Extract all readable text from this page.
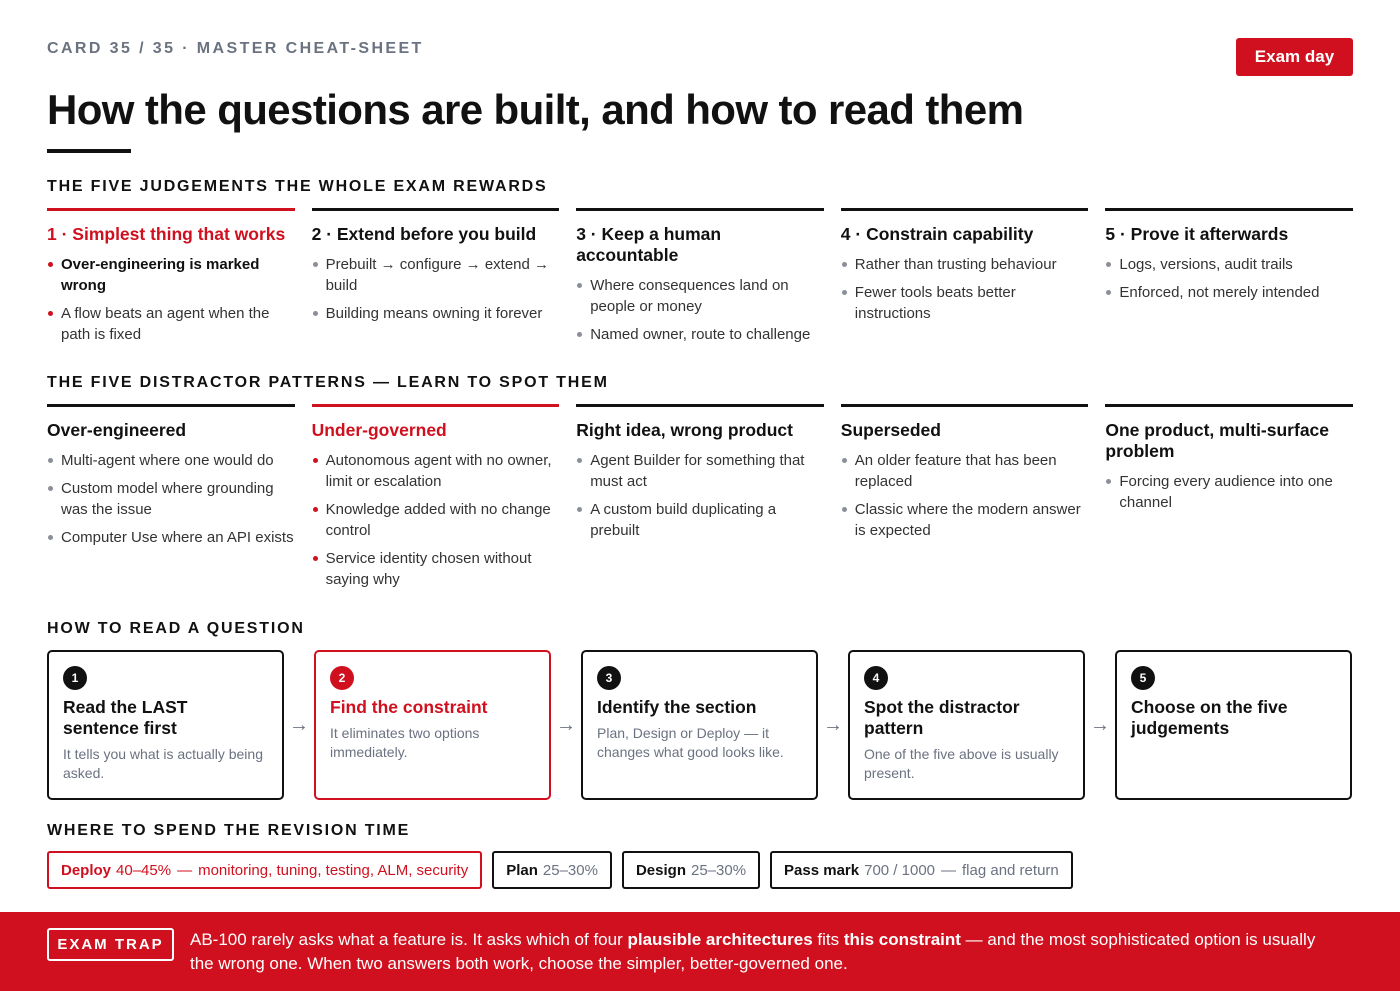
CARD 35 / 35 · MASTER CHEAT-SHEET	Exam day
How the questions are built, and how to read them
THE FIVE JUDGEMENTS THE WHOLE EXAM REWARDS
1 · Simplest thing that works
Over-engineering is marked wrong
A flow beats an agent when the path is fixed
2 · Extend before you build
Prebuilt → configure → extend → build
Building means owning it forever
3 · Keep a human accountable
Where consequences land on people or money
Named owner, route to challenge
4 · Constrain capability
Rather than trusting behaviour
Fewer tools beats better instructions
5 · Prove it afterwards
Logs, versions, audit trails
Enforced, not merely intended
THE FIVE DISTRACTOR PATTERNS — LEARN TO SPOT THEM
Over-engineered
Multi-agent where one would do
Custom model where grounding was the issue
Computer Use where an API exists
Under-governed
Autonomous agent with no owner, limit or escalation
Knowledge added with no change control
Service identity chosen without saying why
Right idea, wrong product
Agent Builder for something that must act
A custom build duplicating a prebuilt
Superseded
An older feature that has been replaced
Classic where the modern answer is expected
One product, multi-surface problem
Forcing every audience into one channel
HOW TO READ A QUESTION
1
Read the LAST sentence first

It tells you what is actually being asked.

→
2
Find the constraint

It eliminates two options immediately.

→
3
Identify the section

Plan, Design or Deploy — it changes what good looks like.

→
4
Spot the distractor pattern

One of the five above is usually present.

→
5
Choose on the five judgements

WHERE TO SPEND THE REVISION TIME
Deploy 40–45% — monitoring, tuning, testing, ALM, security	Plan 25–30%	Design 25–30%	Pass mark 700 / 1000 — flag and return
EXAM TRAP	AB-100 rarely asks what a feature is. It asks which of four plausible architectures fits this constraint — and the most sophisticated option is usually the wrong one. When two answers both work, choose the simpler, better-governed one.
